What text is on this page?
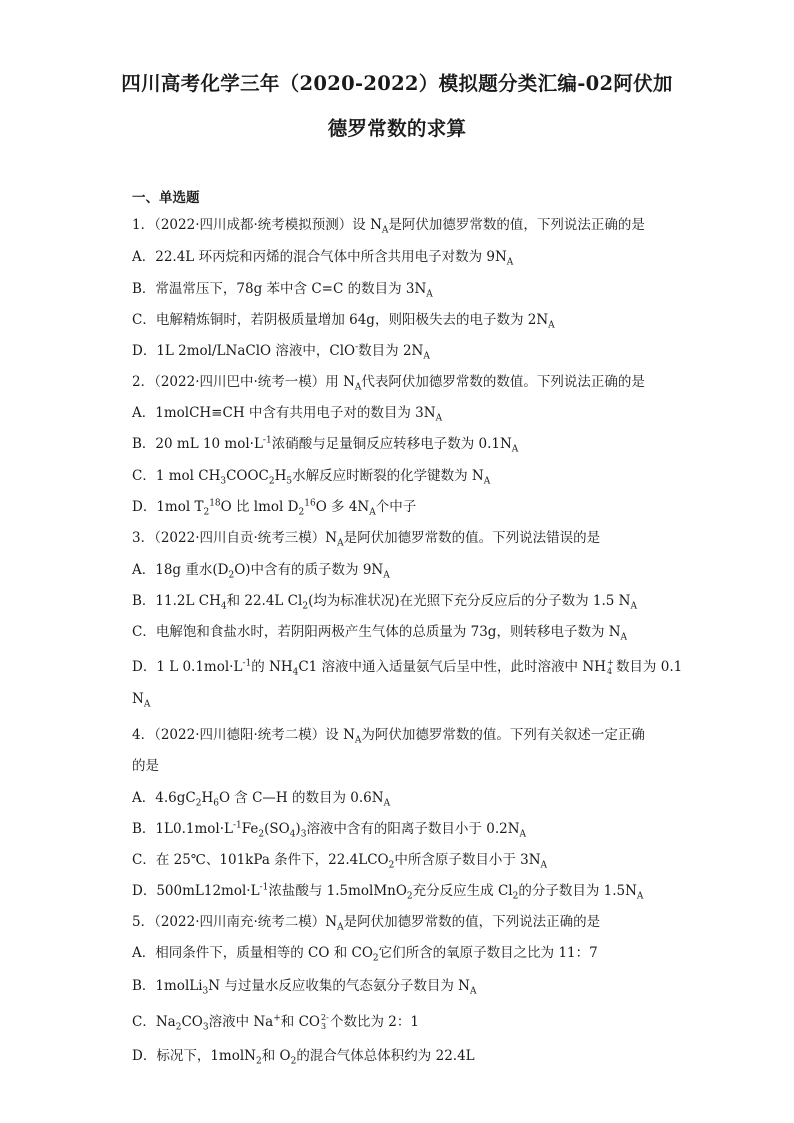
四川高考化学三年（2020-2022）模拟题分类汇编-02阿伏加
德罗常数的求算
一、单选题
1．（2022·四川成都·统考模拟预测）设 $N_A$是阿伏加德罗常数的值，下列说法正确的是
A．22.4L 环丙烷和丙烯的混合气体中所含共用电子对数为 $9N_A$
B．常温常压下，78g 苯中含 C=C 的数目为 $3N_A$
C．电解精炼铜时，若阴极质量增加 64g，则阳极失去的电子数为 $2N_A$
D．1L 2mol/LNaClO 溶液中，ClO-数目为 $2N_A$
2．（2022·四川巴中·统考一模）用 $N_A$代表阿伏加德罗常数的数值。下列说法正确的是
A．1molCH≡CH 中含有共用电子对的数目为 $3N_A$
B．20 mL 10 $mol\cdot L^{-1}$浓硝酸与足量铜反应转移电子数为 $0.1N_A$
C．1 mol $CH_3COOC_2H_5$水解反应时断裂的化学键数为 $N_A$
D．1mol $T_2^{18}O$ 比 lmol $D_2^{16}O$ 多 $4N_A$个中子
3．（2022·四川自贡·统考三模）$N_A$是阿伏加德罗常数的值。下列说法错误的是
A．18g 重水$(D_2O)$中含有的质子数为 $9N_A$
B．11.2L $CH_4$和 22.4L $Cl_2$(均为标准状况)在光照下充分反应后的分子数为 1.5 $N_A$
C．电解饱和食盐水时，若阴阳两极产生气体的总质量为 73g，则转移电子数为 $N_A$
D．1 L $0.1mol\cdot L^{-1}$的 $NH_4C1$ 溶液中通入适量氨气后呈中性，此时溶液中 NH +
4 数目为 0.1
$N_A$
4．（2022·四川德阳·统考二模）设 $N_A$为阿伏加德罗常数的值。下列有关叙述一定正确
的是
A．$4.6gC_2H_6O$ 含 C—H 的数目为 $0.6N_A$
B．$1L0.1mol\cdot L^{-1}Fe_2(SO_4)_3$溶液中含有的阳离子数目小于 $0.2N_A$
C．在 25℃、101kPa 条件下，$22.4LCO_2$中所含原子数目小于 $3N_A$
D．$500mL12mol\cdot L^{-1}$浓盐酸与 1.5molMnO$_2$充分反应生成 $Cl_2$的分子数目为 $1.5N_A$
5．（2022·四川南充·统考二模）$N_A$是阿伏加德罗常数的值，下列说法正确的是
A．相同条件下，质量相等的 CO 和 $CO_2$它们所含的氧原子数目之比为 11：7
B．1molLi$_3$N 与过量水反应收集的气态氨分子数目为 $N_A$
C．$Na_2CO_3$溶液中 Na+和 CO 2-
3 个数比为 2：1
D．标况下，1molN$_2$和 $O_2$的混合气体总体积约为 22.4L
